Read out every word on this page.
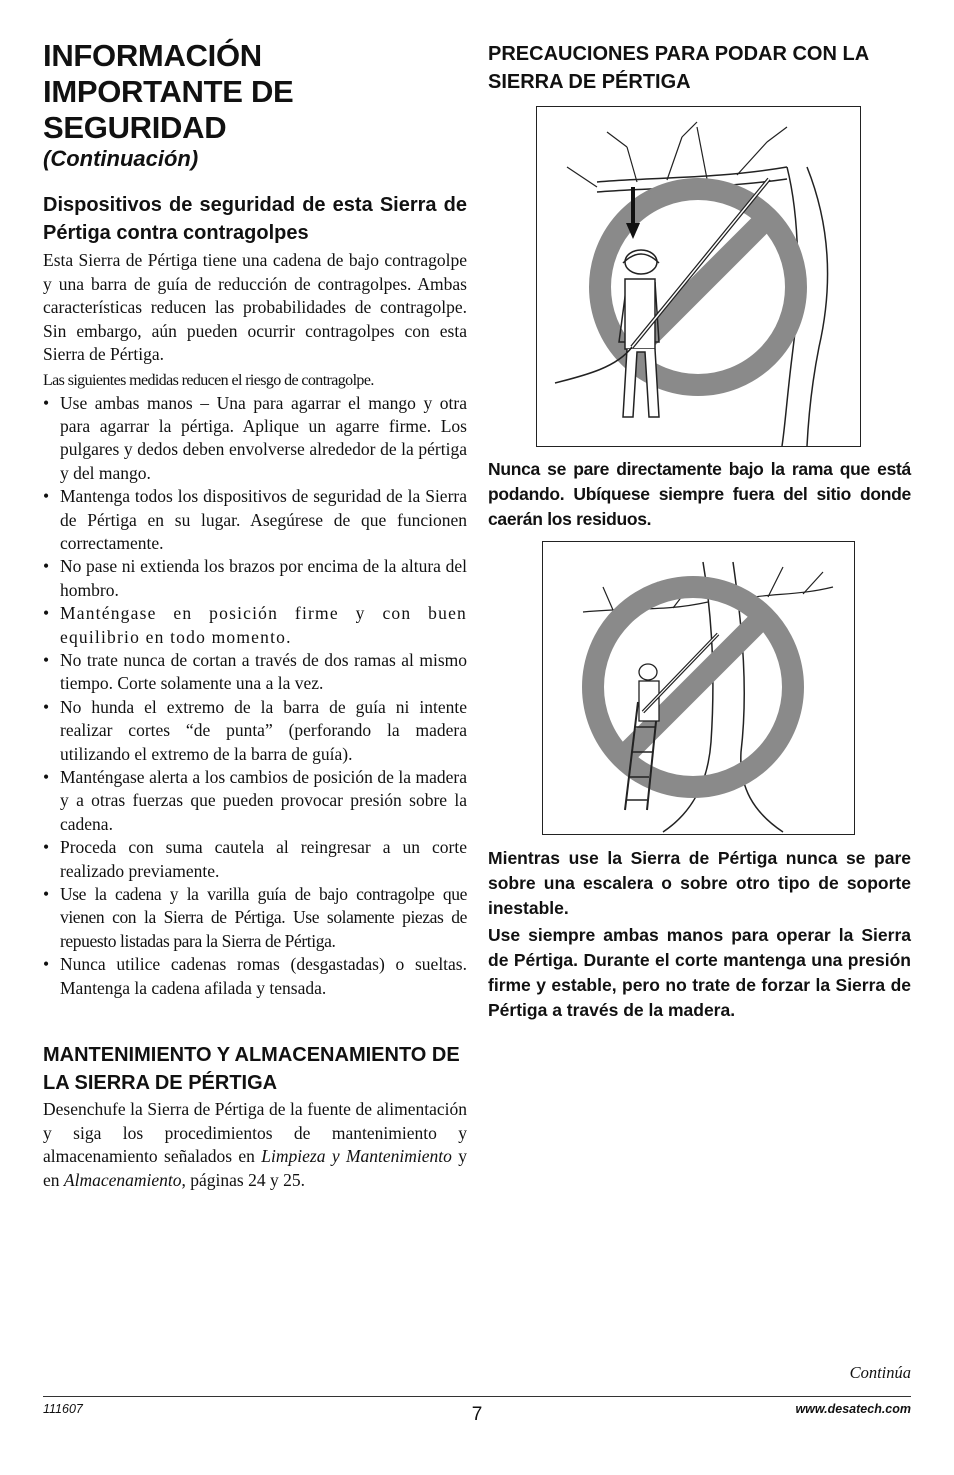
INFORMACIÓN
IMPORTANTE DE
SEGURIDAD

(Continuación)

Dispositivos de seguridad de esta Sierra de Pértiga contra contragolpes

Esta Sierra de Pértiga tiene una cadena de bajo contragolpe y una barra de guía de reducción de contragolpes. Ambas características reducen las probabilidades de contragolpe. Sin embargo, aún pueden ocurrir contragolpes con esta Sierra de Pértiga.

Las siguientes medidas reducen el riesgo de contragolpe.

• Use ambas manos – Una para agarrar el mango y otra para agarrar la pértiga. Aplique un agarre firme. Los pulgares y dedos deben envolverse alrededor de la pértiga y del mango.
• Mantenga todos los dispositivos de seguridad de la Sierra de Pértiga en su lugar. Asegúrese de que funcionen correctamente.
• No pase ni extienda los brazos por encima de la altura del hombro.
• Manténgase en posición firme y con buen equilibrio en todo momento.
• No trate nunca de cortan a través de dos ramas al mismo tiempo. Corte solamente una a la vez.
• No hunda el extremo de la barra de guía ni intente realizar cortes “de punta” (perforando la madera utilizando el extremo de la barra de guía).
• Manténgase alerta a los cambios de posición de la madera y a otras fuerzas que pueden provocar presión sobre la cadena.
• Proceda con suma cautela al reingresar a un corte realizado previamente.
• Use la cadena y la varilla guía de bajo contragolpe que vienen con la Sierra de Pértiga. Use solamente piezas de repuesto listadas para la Sierra de Pértiga.
• Nunca utilice cadenas romas (desgastadas) o sueltas. Mantenga la cadena afilada y tensada.
MANTENIMIENTO Y ALMACENAMIENTO DE LA SIERRA DE PÉRTIGA

Desenchufe la Sierra de Pértiga de la fuente de alimentación y siga los procedimientos de mantenimiento y almacenamiento señalados en Limpieza y Mantenimiento y en Almacenamiento, páginas 24 y 25.

PRECAUCIONES PARA PODAR CON LA SIERRA DE PÉRTIGA

Nunca se pare directamente bajo la rama que está podando. Ubíquese siempre fuera del sitio donde caerán los residuos.

Mientras use la Sierra de Pértiga nunca se pare sobre una escalera o sobre otro tipo de soporte inestable.

Use siempre ambas manos para operar la Sierra de Pértiga. Durante el corte mantenga una presión firme y estable, pero no trate de forzar la Sierra de Pértiga a través de la madera.

Continúa
111607	7	www.desatech.com
